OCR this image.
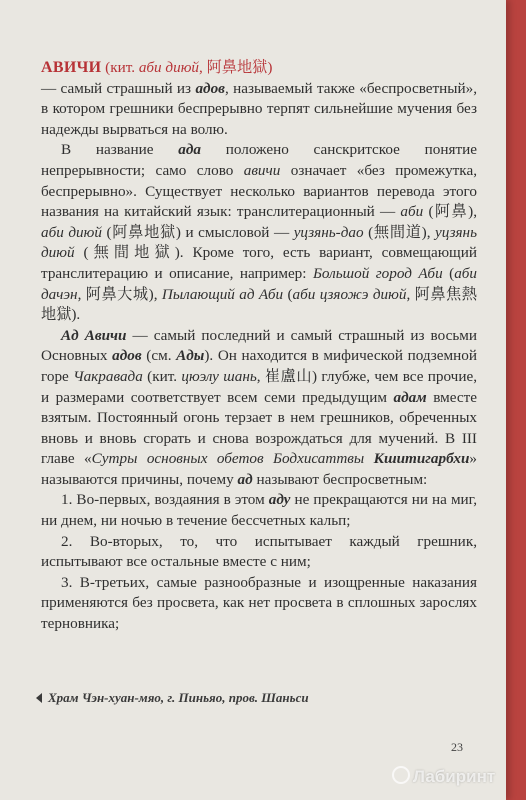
АВИЧИ (кит. аби диюй, 阿鼻地獄)

— самый страшный из адов, называемый также «беспросветный», в котором грешники беспрерывно терпят сильнейшие мучения без надежды вырваться на волю.

В название ада положено санскритское понятие непрерывности; само слово авичи означает «без промежутка, беспрерывно». Существует несколько вариантов перевода этого названия на китайский язык: транслитерационный — аби (阿鼻), аби диюй (阿鼻地獄) и смысловой — уцзянь-дао (無間道), уцзянь диюй (無間地獄). Кроме того, есть вариант, совмещающий транслитерацию и описание, например: Большой город Аби (аби дачэн, 阿鼻大城), Пылающий ад Аби (аби цзяожэ диюй, 阿鼻焦熱地獄).

Ад Авичи — самый последний и самый страшный из восьми Основных адов (см. Ады). Он находится в мифической подземной горе Чакравада (кит. цюэлу шань, 崔盧山) глубже, чем все прочие, и размерами соответствует всем семи предыдущим адам вместе взятым. Постоянный огонь терзает в нем грешников, обреченных вновь и вновь сгорать и снова возрождаться для мучений. В III главе «Сутры основных обетов Бодхисаттвы Кшитигарбхи» называются причины, почему ад называют беспросветным:

1. Во-первых, воздаяния в этом аду не прекращаются ни на миг, ни днем, ни ночью в течение бессчетных кальп;

2. Во-вторых, то, что испытывает каждый грешник, испытывают все остальные вместе с ним;

3. В-третьих, самые разнообразные и изощренные наказания применяются без просвета, как нет просвета в сплошных зарослях терновника;

Храм Чэн-хуан-мяо, г. Пиньяо, пров. Шаньси
23
Лабиринт
